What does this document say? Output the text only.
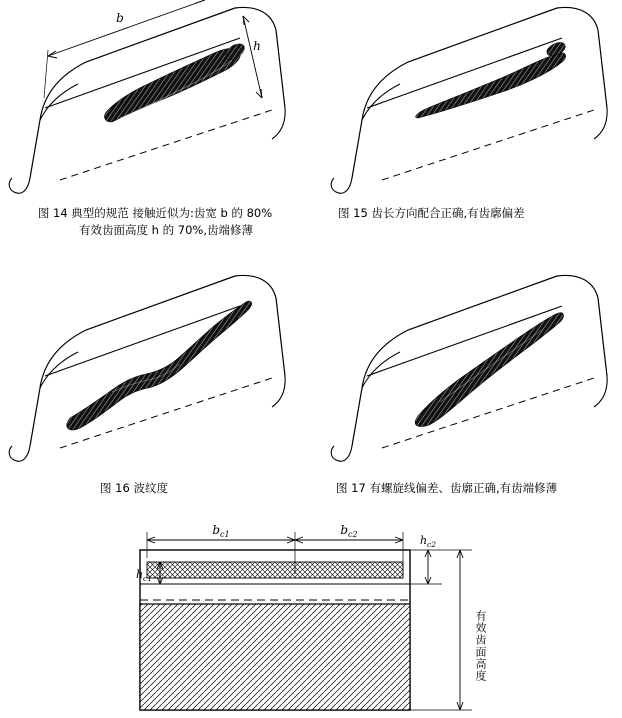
b
h
图 14 典型的规范 接触近似为:齿宽 b 的 80%
有效齿面高度 h 的 70%,齿端修薄
图 15 齿长方向配合正确,有齿廓偏差
图 16 波纹度	图 17 有螺旋线偏差、齿廓正确,有齿端修薄
$b_{c1}$	$b_{c2}$
$h_{c1}$
$h_{c2}$
有效齿面高度
